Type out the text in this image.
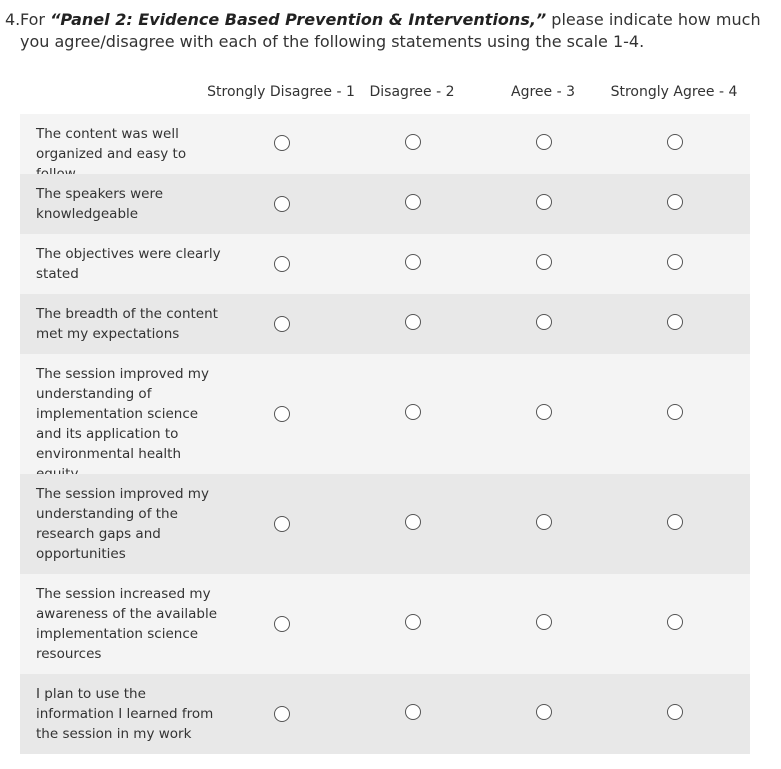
4. For “Panel 2: Evidence Based Prevention & Interventions,” please indicate how much you agree/disagree with each of the following statements using the scale 1-4.
Strongly Disagree - 1 Disagree - 2	Agree - 3	Strongly Agree - 4
The content was well organized and easy to
The speakers were knowledgeable
The objectives were clearly stated
The breadth of the content met my expectations
The session improved my understanding of implementation science and its application to environmental health
The session improved my understanding of the research gaps and opportunities
The session increased my awareness of the available implementation science resources
I plan to use the information I learned from the session in my work
